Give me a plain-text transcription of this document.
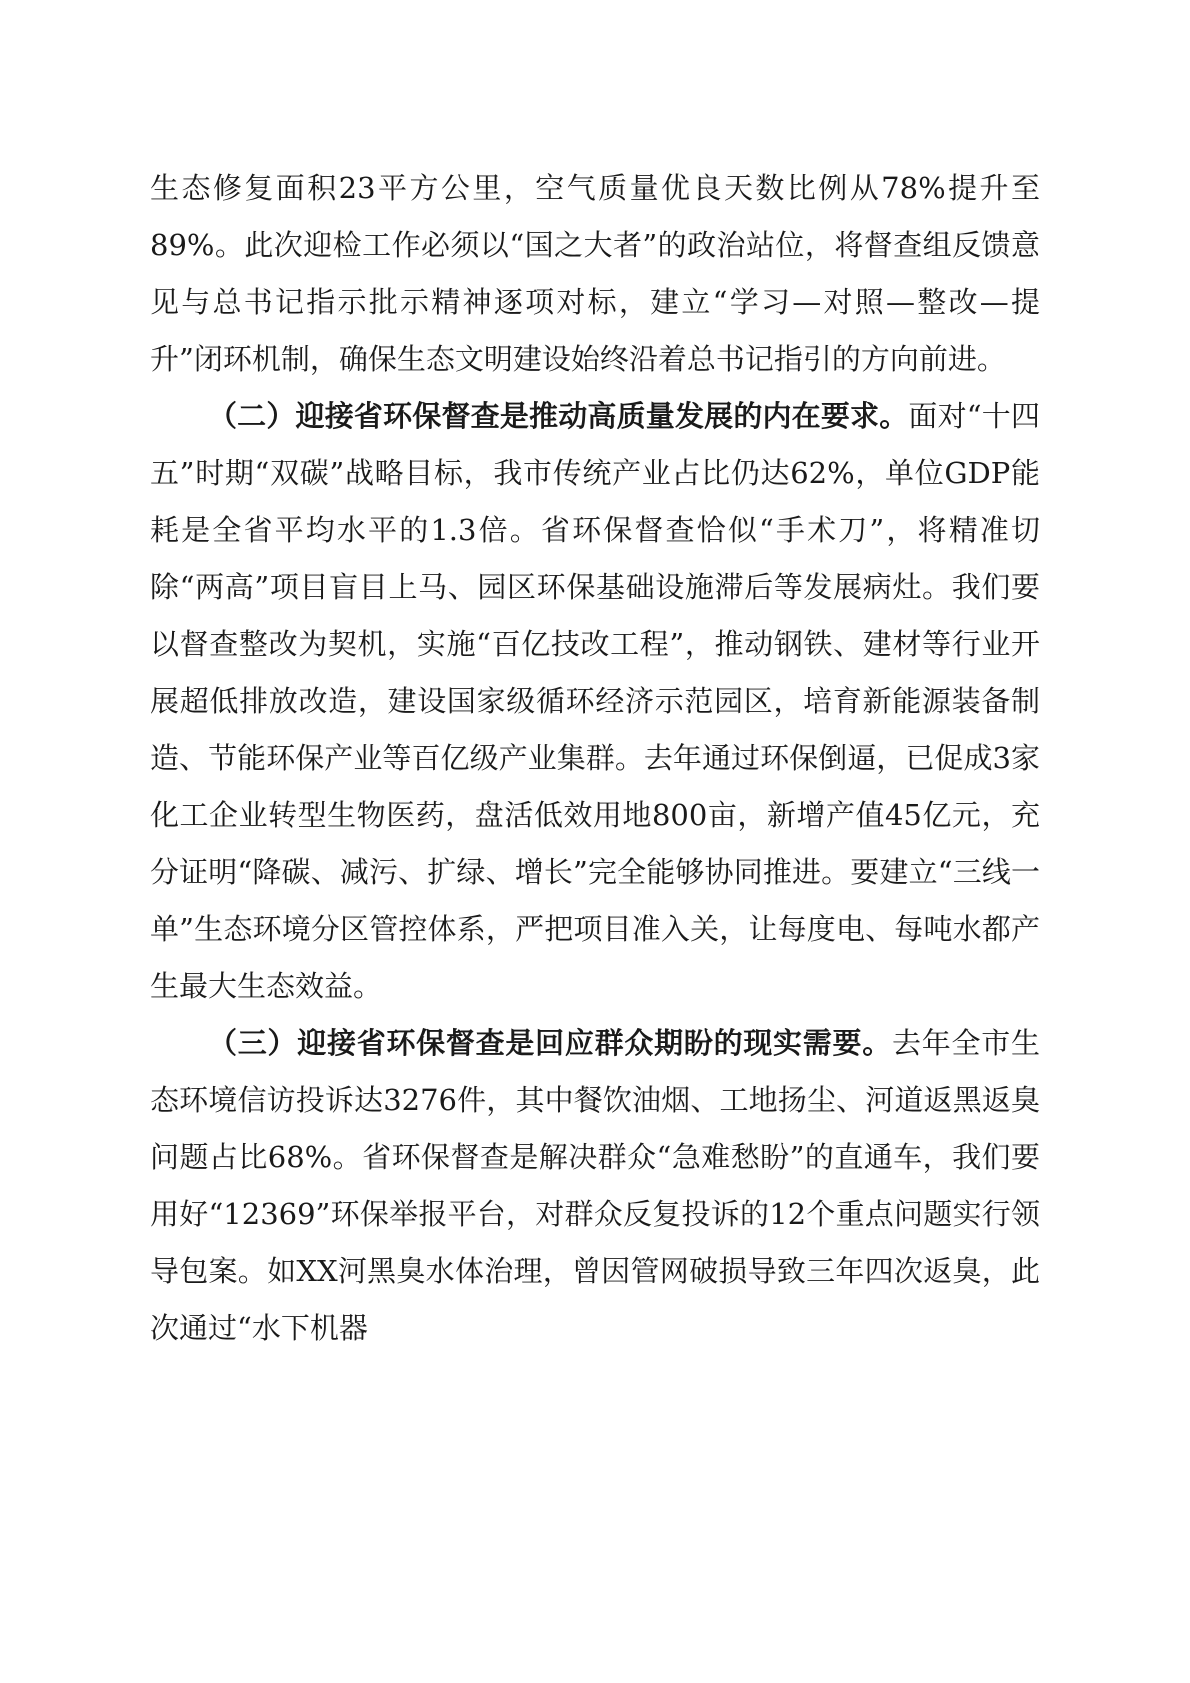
生态修复面积23平方公里，空气质量优良天数比例从78%提升至89%。此次迎检工作必须以“国之大者”的政治站位，将督查组反馈意见与总书记指示批示精神逐项对标，建立“学习—对照—整改—提升”闭环机制，确保生态文明建设始终沿着总书记指引的方向前进。

（二）迎接省环保督查是推动高质量发展的内在要求。面对“十四五”时期“双碳”战略目标，我市传统产业占比仍达62%，单位GDP能耗是全省平均水平的1.3倍。省环保督查恰似“手术刀”，将精准切除“两高”项目盲目上马、园区环保基础设施滞后等发展病灶。我们要以督查整改为契机，实施“百亿技改工程”，推动钢铁、建材等行业开展超低排放改造，建设国家级循环经济示范园区，培育新能源装备制造、节能环保产业等百亿级产业集群。去年通过环保倒逼，已促成3家化工企业转型生物医药，盘活低效用地800亩，新增产值45亿元，充分证明“降碳、减污、扩绿、增长”完全能够协同推进。要建立“三线一单”生态环境分区管控体系，严把项目准入关，让每度电、每吨水都产生最大生态效益。

（三）迎接省环保督查是回应群众期盼的现实需要。去年全市生态环境信访投诉达3276件，其中餐饮油烟、工地扬尘、河道返黑返臭问题占比68%。省环保督查是解决群众“急难愁盼”的直通车，我们要用好“12369”环保举报平台，对群众反复投诉的12个重点问题实行领导包案。如XX河黑臭水体治理，曾因管网破损导致三年四次返臭，此次通过“水下机器
